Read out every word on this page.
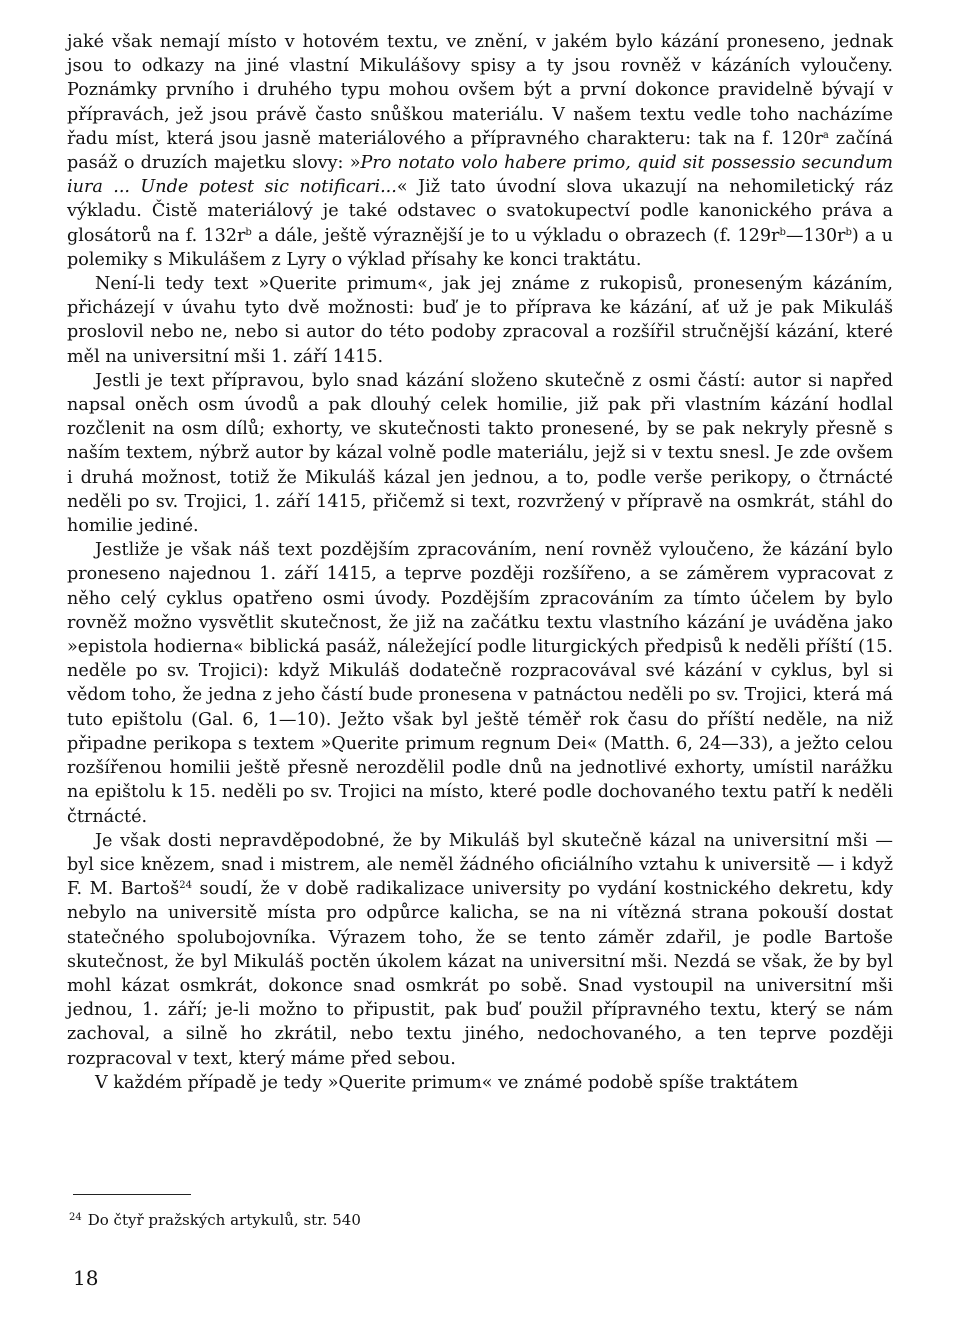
jaké však nemají místo v hotovém textu, ve znění, v jakém bylo kázání proneseno, jednak jsou to odkazy na jiné vlastní Mikulášovy spisy a ty jsou rovněž v kázáních vyloučeny. Poznámky prvního i druhého typu mohou ovšem být a první dokonce pravidelně bývají v přípravách, jež jsou právě často snůškou materiálu. V našem textu vedle toho nacházíme řadu míst, která jsou jasně materiálového a přípravného charakteru: tak na f. $120r^a$ začíná pasáž o druzích majetku slovy: »Pro notato volo habere primo, quid sit possessio secundum iura ... Unde potest sic notificari...« Již tato úvodní slova ukazují na nehomiletický ráz výkladu. Čistě materiálový je také odstavec o svatokupectví podle kanonického práva a glosátorů na f. $132r^b$ a dále, ještě výraznější je to u výkladu o obrazech (f. $129r^b—130r^b$) a u polemiky s Mikulášem z Lyry o výklad přísahy ke konci traktátu.

Není-li tedy text »Querite primum«, jak jej známe z rukopisů, proneseným kázáním, přicházejí v úvahu tyto dvě možnosti: buď je to příprava ke kázání, ať už je pak Mikuláš proslovil nebo ne, nebo si autor do této podoby zpracoval a rozšířil stručnější kázání, které měl na universitní mši 1. září 1415.

Jestli je text přípravou, bylo snad kázání složeno skutečně z osmi částí: autor si napřed napsal oněch osm úvodů a pak dlouhý celek homilie, již pak při vlastním kázání hodlal rozčlenit na osm dílů; exhorty, ve skutečnosti takto pronesené, by se pak nekryly přesně s naším textem, nýbrž autor by kázal volně podle materiálu, jejž si v textu snesl. Je zde ovšem i druhá možnost, totiž že Mikuláš kázal jen jednou, a to, podle verše perikopy, o čtrnácté neděli po sv. Trojici, 1. září 1415, přičemž si text, rozvržený v přípravě na osmkrát, stáhl do homilie jediné.

Jestliže je však náš text pozdějším zpracováním, není rovněž vyloučeno, že kázání bylo proneseno najednou 1. září 1415, a teprve později rozšířeno, a se záměrem vypracovat z něho celý cyklus opatřeno osmi úvody. Pozdějším zpracováním za tímto účelem by bylo rovněž možno vysvětlit skutečnost, že již na začátku textu vlastního kázání je uváděna jako »epistola hodierna« biblická pasáž, náležející podle liturgických předpisů k neděli příští (15. neděle po sv. Trojici): když Mikuláš dodatečně rozpracovával své kázání v cyklus, byl si vědom toho, že jedna z jeho částí bude pronesena v patnáctou neděli po sv. Trojici, která má tuto epištolu (Gal. 6, 1—10). Ježto však byl ještě téměř rok času do příští neděle, na niž připadne perikopa s textem »Querite primum regnum Dei« (Matth. 6, 24—33), a ježto celou rozšířenou homilii ještě přesně nerozdělil podle dnů na jednotlivé exhorty, umístil narážku na epištolu k 15. neděli po sv. Trojici na místo, které podle dochovaného textu patří k neděli čtrnácté.

Je však dosti nepravděpodobné, že by Mikuláš byl skutečně kázal na universitní mši — byl sice knězem, snad i mistrem, ale neměl žádného oficiálního vztahu k universitě — i když F. M. Bartoš$^{24}$ soudí, že v době radikalizace university po vydání kostnického dekretu, kdy nebylo na universitě místa pro odpůrce kalicha, se na ni vítězná strana pokouší dostat statečného spolubojovníka. Výrazem toho, že se tento záměr zdařil, je podle Bartoše skutečnost, že byl Mikuláš poctěn úkolem kázat na universitní mši. Nezdá se však, že by byl mohl kázat osmkrát, dokonce snad osmkrát po sobě. Snad vystoupil na universitní mši jednou, 1. září; je-li možno to připustit, pak buď použil přípravného textu, který se nám zachoval, a silně ho zkrátil, nebo textu jiného, nedochovaného, a ten teprve později rozpracoval v text, který máme před sebou.

V každém případě je tedy »Querite primum« ve známé podobě spíše traktátem

$^{24}$ Do čtyř pražských artykulů, str. 540
18
